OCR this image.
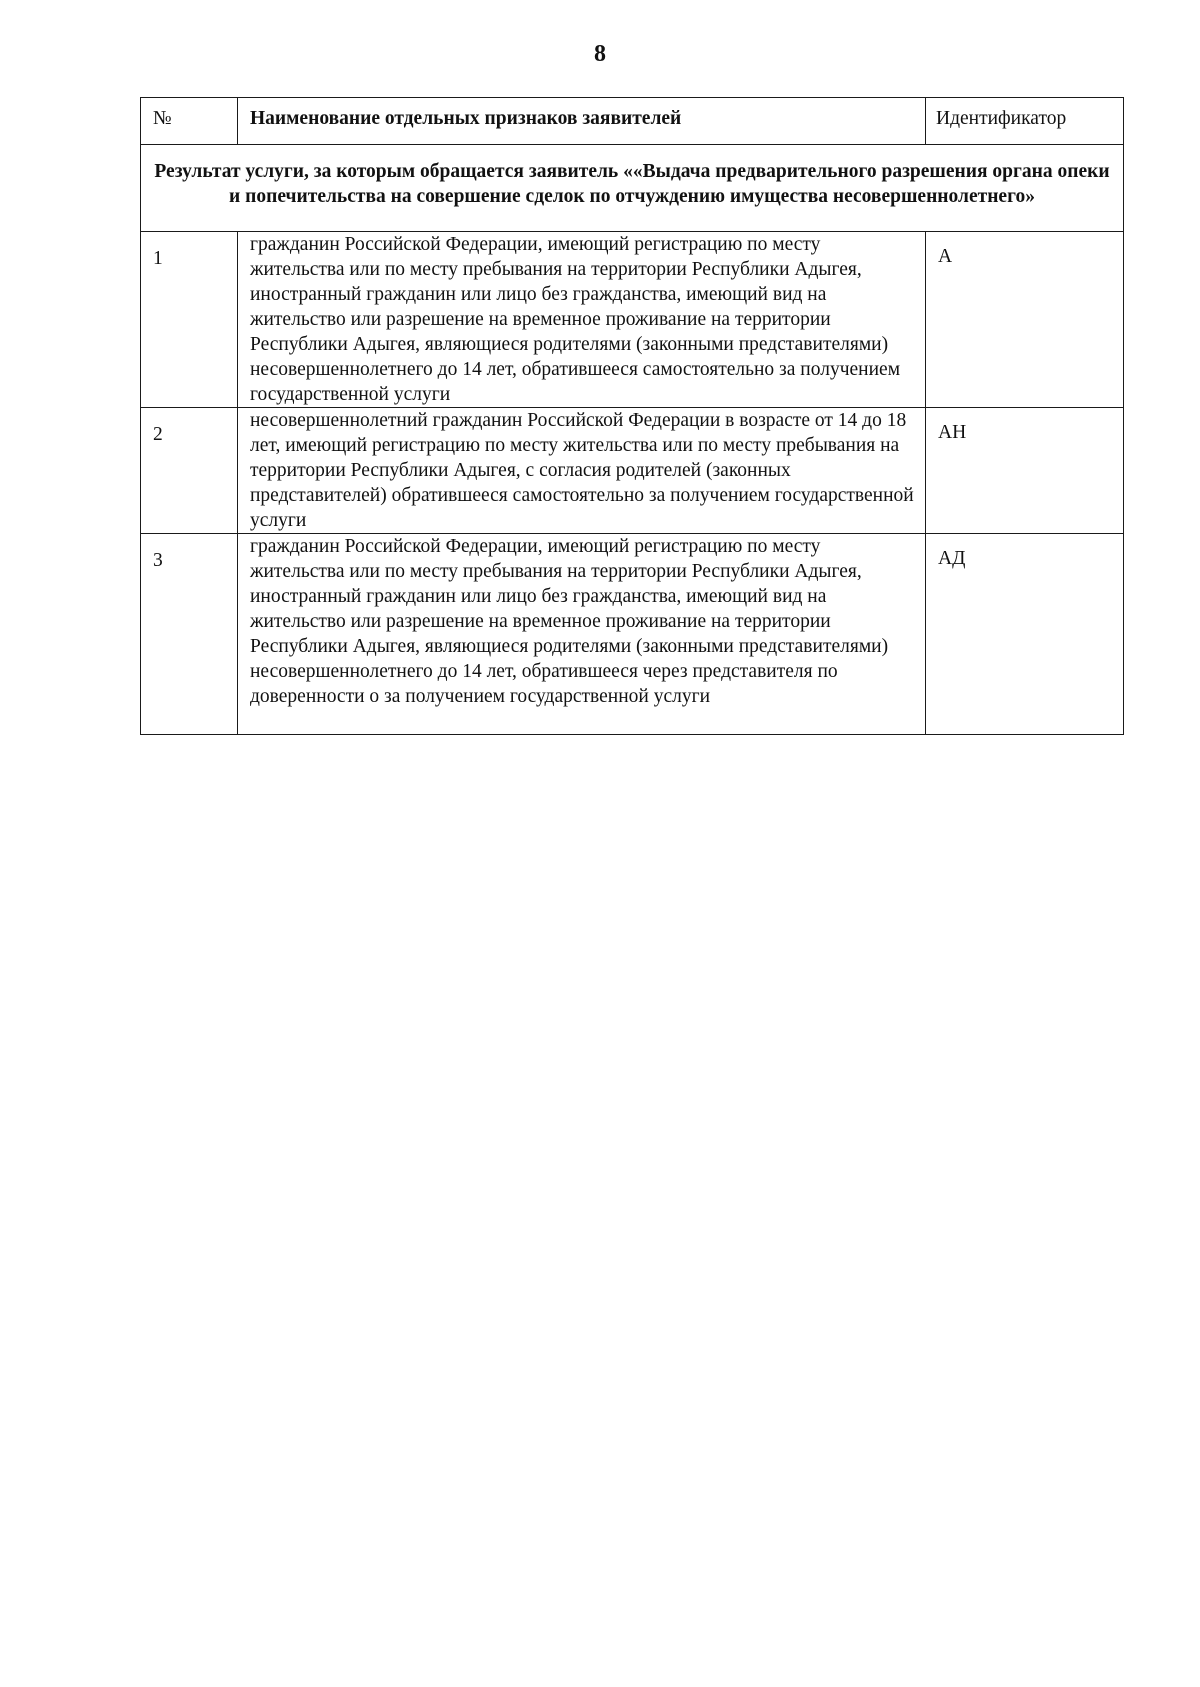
8
№	Наименование отдельных признаков заявителей	Идентификатор
Результат услуги, за которым обращается заявитель ««Выдача предварительного разрешения органа опеки и попечительства на совершение сделок по отчуждению имущества несовершеннолетнего»		
1	гражданин Российской Федерации, имеющий регистрацию по месту жительства или по месту пребывания на территории Республики Адыгея, иностранный гражданин или лицо без гражданства, имеющий вид на жительство или разрешение на временное проживание на территории Республики Адыгея, являющиеся родителями (законными представителями) несовершеннолетнего до 14 лет, обратившееся самостоятельно за получением государственной услуги	А
2	несовершеннолетний гражданин Российской Федерации в возрасте от 14 до 18 лет, имеющий регистрацию по месту жительства или по месту пребывания на территории Республики Адыгея, с согласия родителей (законных представителей) обратившееся самостоятельно за получением государственной услуги	АН
3	гражданин Российской Федерации, имеющий регистрацию по месту жительства или по месту пребывания на территории Республики Адыгея, иностранный гражданин или лицо без гражданства, имеющий вид на жительство или разрешение на временное проживание на территории Республики Адыгея, являющиеся родителями (законными представителями) несовершеннолетнего до 14 лет, обратившееся через представителя по доверенности о за получением государственной услуги	АД
